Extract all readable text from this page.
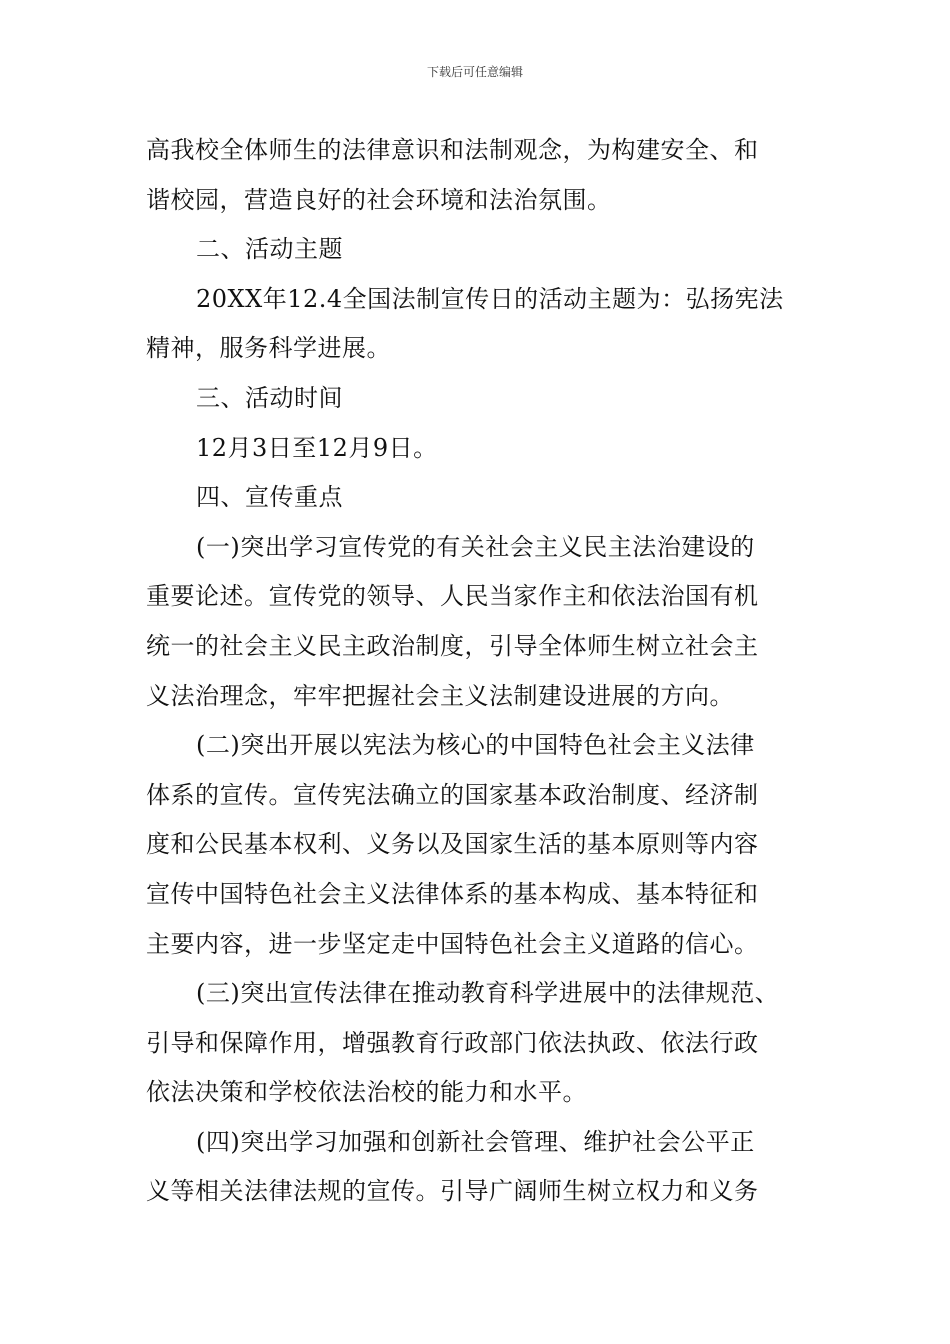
下载后可任意编辑
高我校全体师生的法律意识和法制观念，为构建安全、和
谐校园，营造良好的社会环境和法治氛围。
二、活动主题
20XX年12.4全国法制宣传日的活动主题为：弘扬宪法
精神，服务科学进展。
三、活动时间
12月3日至12月9日。
四、宣传重点
(一)突出学习宣传党的有关社会主义民主法治建设的
重要论述。宣传党的领导、人民当家作主和依法治国有机
统一的社会主义民主政治制度，引导全体师生树立社会主
义法治理念，牢牢把握社会主义法制建设进展的方向。
(二)突出开展以宪法为核心的中国特色社会主义法律
体系的宣传。宣传宪法确立的国家基本政治制度、经济制
度和公民基本权利、义务以及国家生活的基本原则等内容
宣传中国特色社会主义法律体系的基本构成、基本特征和
主要内容，进一步坚定走中国特色社会主义道路的信心。
(三)突出宣传法律在推动教育科学进展中的法律规范、
引导和保障作用，增强教育行政部门依法执政、依法行政
依法决策和学校依法治校的能力和水平。
(四)突出学习加强和创新社会管理、维护社会公平正
义等相关法律法规的宣传。引导广阔师生树立权力和义务
